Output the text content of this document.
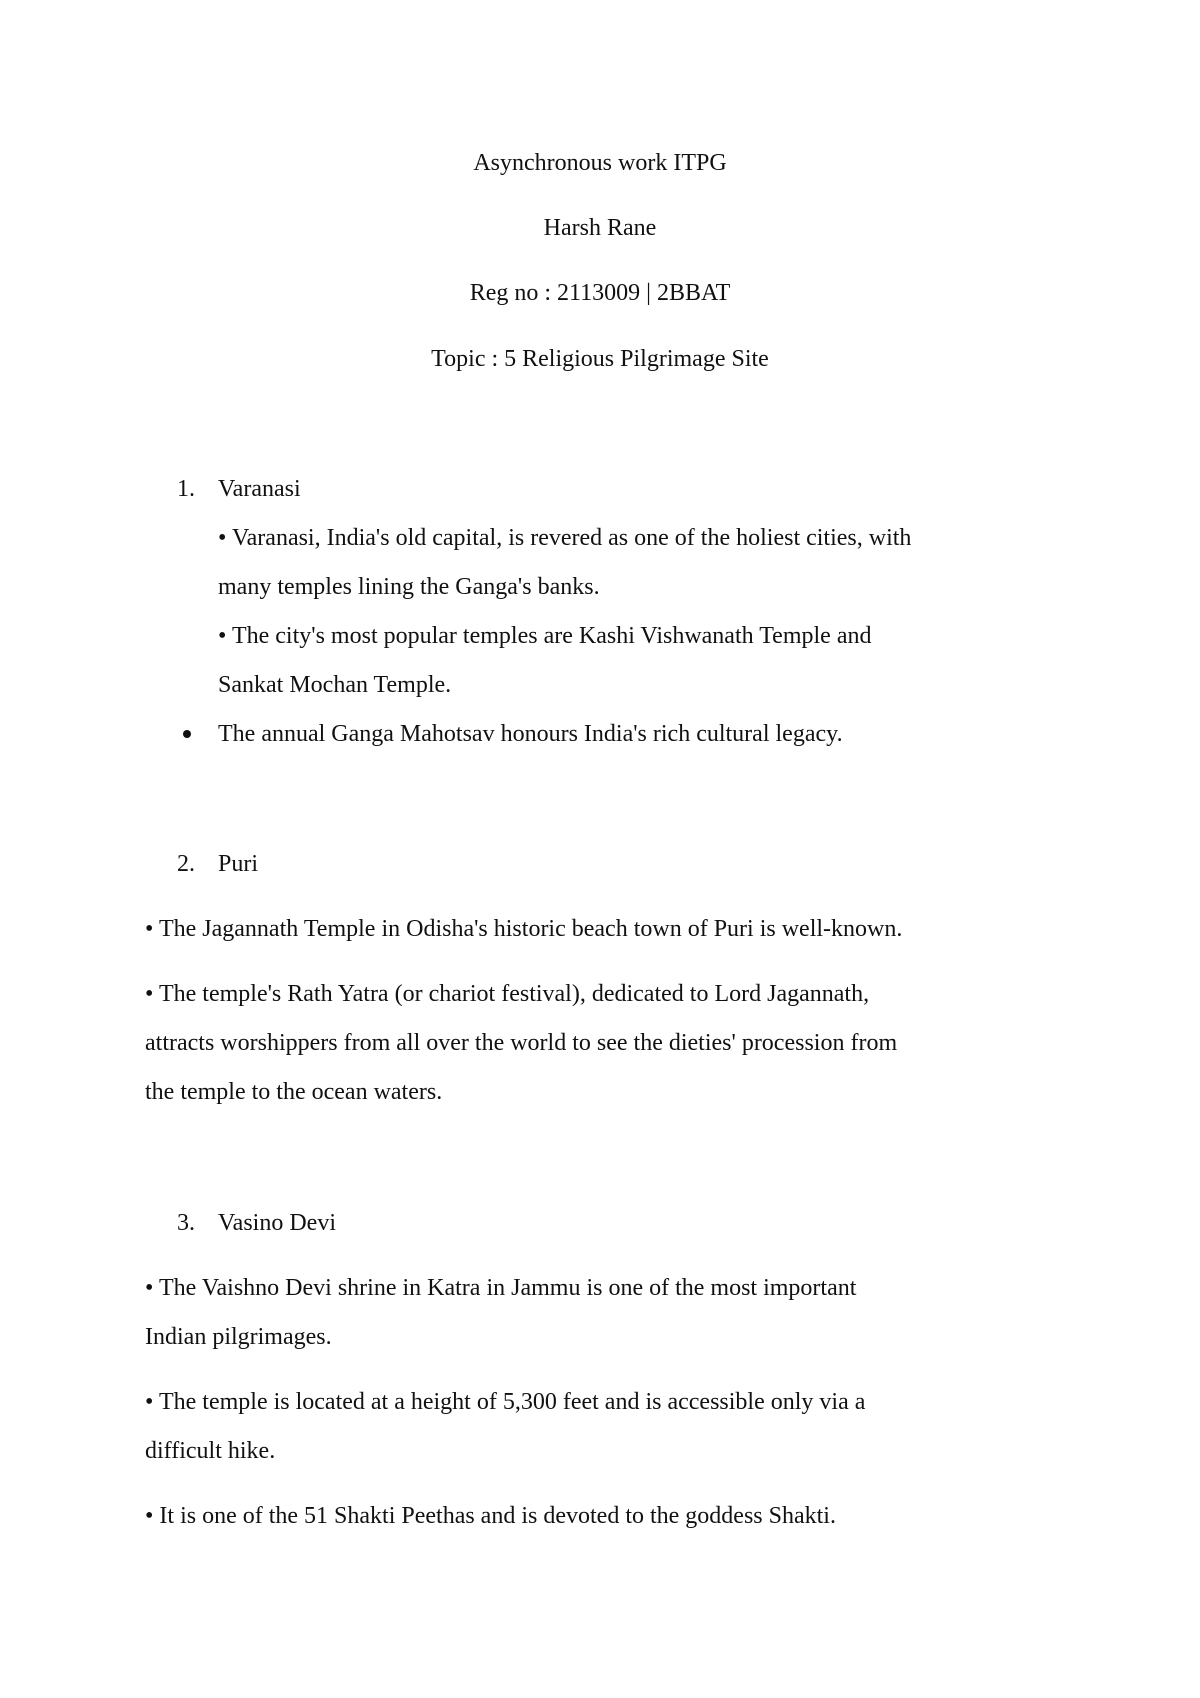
Asynchronous work ITPG
Harsh Rane
Reg no : 2113009 | 2BBAT
Topic : 5 Religious Pilgrimage Site
1. Varanasi
• Varanasi, India's old capital, is revered as one of the holiest cities, with
many temples lining the Ganga's banks.
• The city's most popular temples are Kashi Vishwanath Temple and
Sankat Mochan Temple.
The annual Ganga Mahotsav honours India's rich cultural legacy.
2. Puri
• The Jagannath Temple in Odisha's historic beach town of Puri is well-known.
• The temple's Rath Yatra (or chariot festival), dedicated to Lord Jagannath,
attracts worshippers from all over the world to see the dieties' procession from
the temple to the ocean waters.
3. Vasino Devi
• The Vaishno Devi shrine in Katra in Jammu is one of the most important
Indian pilgrimages.
• The temple is located at a height of 5,300 feet and is accessible only via a
difficult hike.
• It is one of the 51 Shakti Peethas and is devoted to the goddess Shakti.
